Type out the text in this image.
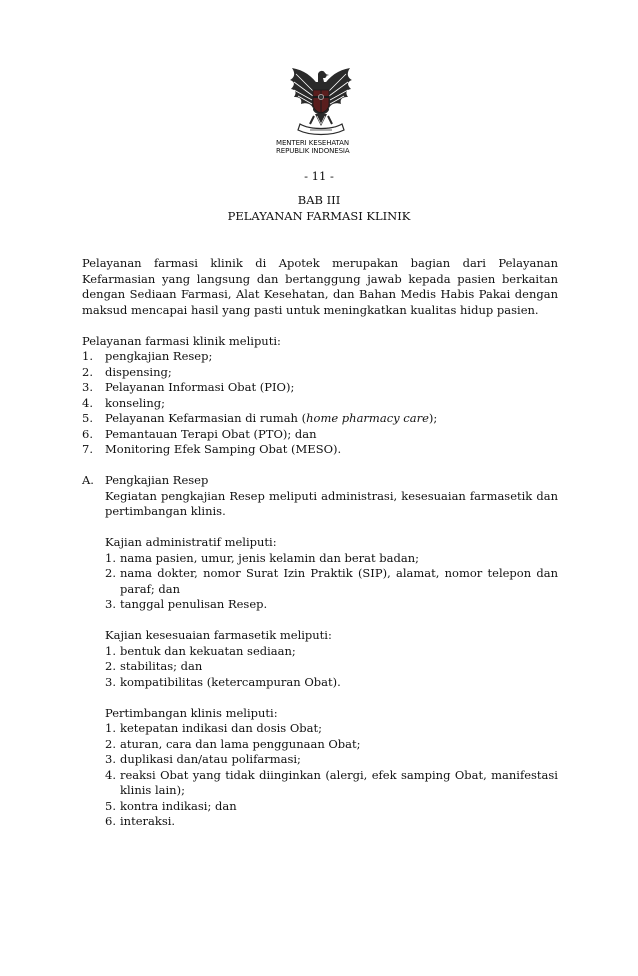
MENTERI KESEHATAN
REPUBLIK INDONESIA
- 11 -
BAB III
PELAYANAN FARMASI KLINIK

Pelayanan farmasi klinik di Apotek merupakan bagian dari Pelayanan Kefarmasian yang langsung dan bertanggung jawab kepada pasien berkaitan dengan Sediaan Farmasi, Alat Kesehatan, dan Bahan Medis Habis Pakai dengan maksud mencapai hasil yang pasti untuk meningkatkan kualitas hidup pasien.

Pelayanan farmasi klinik meliputi:
1.	pengkajian Resep;
2.	dispensing;
3.	Pelayanan Informasi Obat (PIO);
4.	konseling;
5.	Pelayanan Kefarmasian di rumah (home pharmacy care);
6.	Pemantauan Terapi Obat (PTO); dan
7.	Monitoring Efek Samping Obat (MESO).
A. Pengkajian Resep

Kegiatan pengkajian Resep meliputi administrasi, kesesuaian farmasetik dan pertimbangan klinis.

Kajian administratif meliputi:
1. nama pasien, umur, jenis kelamin dan berat badan;
2. nama dokter, nomor Surat Izin Praktik (SIP), alamat, nomor telepon dan paraf; dan
3. tanggal penulisan Resep.
Kajian kesesuaian farmasetik meliputi:
1. bentuk dan kekuatan sediaan;
2. stabilitas; dan
3. kompatibilitas (ketercampuran Obat).
Pertimbangan klinis meliputi:
1. ketepatan indikasi dan dosis Obat;
2. aturan, cara dan lama penggunaan Obat;
3. duplikasi dan/atau polifarmasi;
4. reaksi Obat yang tidak diinginkan (alergi, efek samping Obat, manifestasi klinis lain);
5. kontra indikasi; dan
6. interaksi.
